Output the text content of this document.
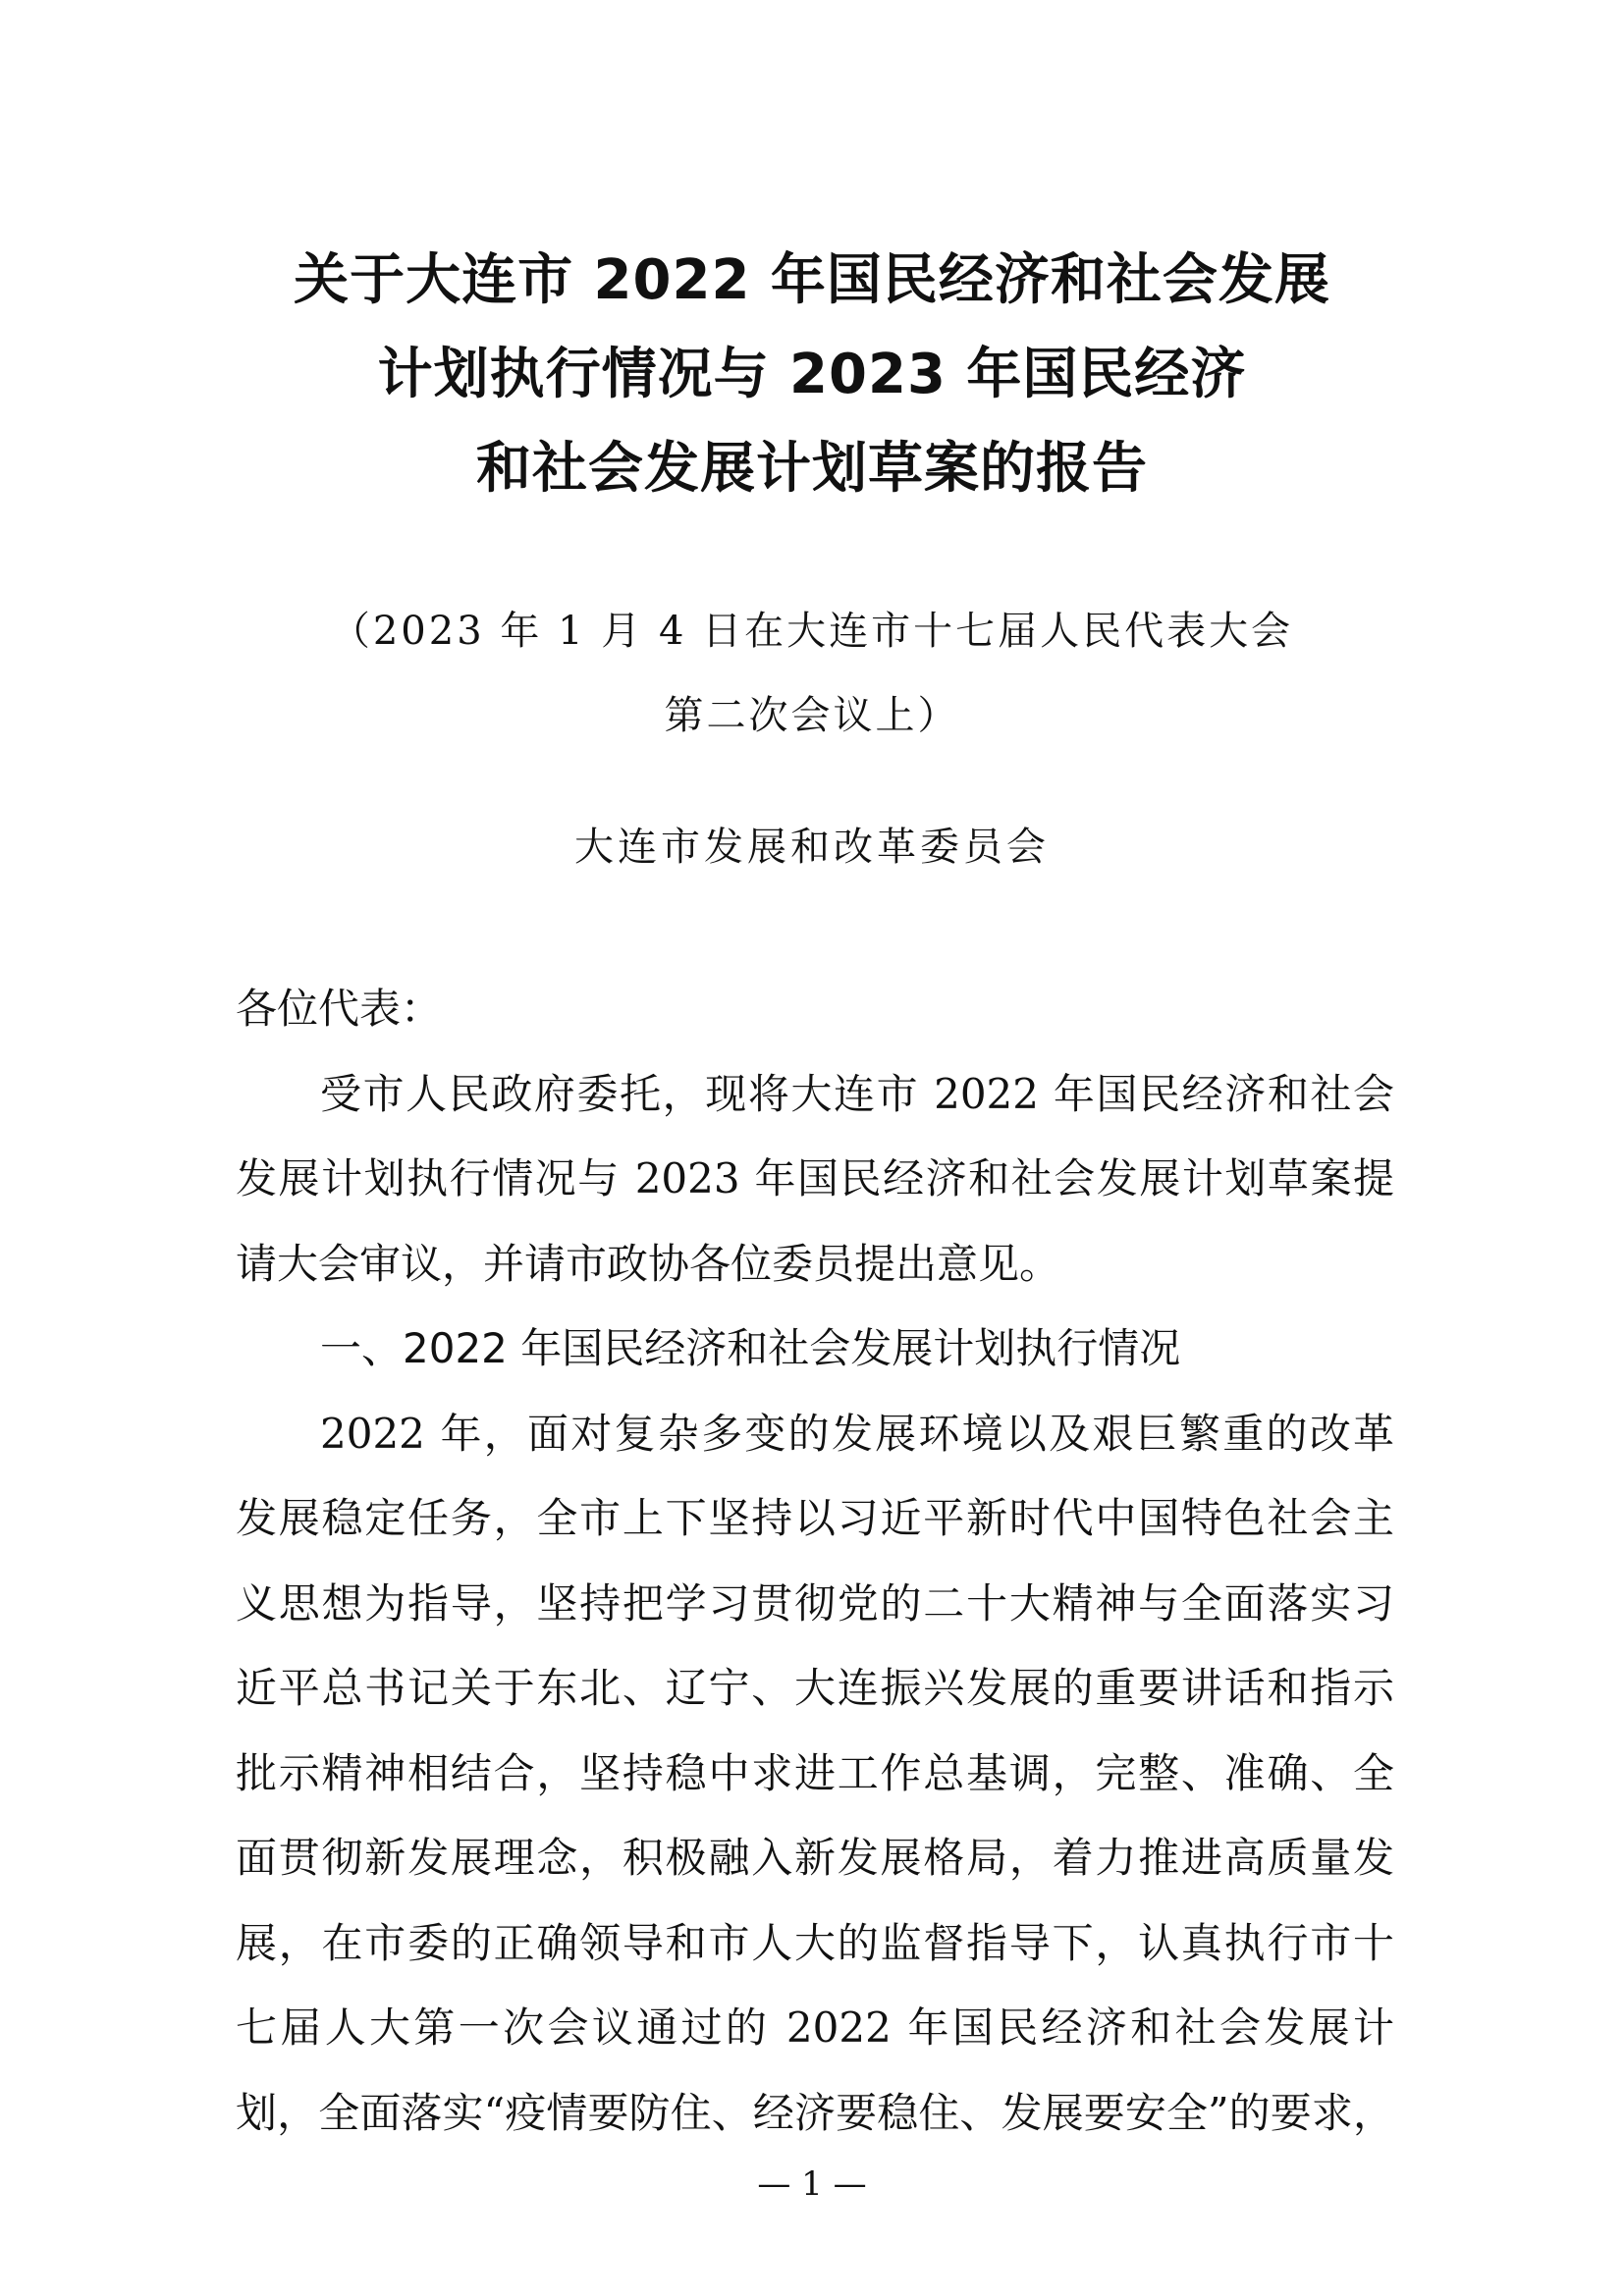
关于大连市 2022 年国民经济和社会发展
计划执行情况与 2023 年国民经济
和社会发展计划草案的报告
（2023 年 1 月 4 日在大连市十七届人民代表大会
第二次会议上）
大连市发展和改革委员会
各位代表：
受市人民政府委托，现将大连市 2022 年国民经济和社会
发展计划执行情况与 2023 年国民经济和社会发展计划草案提
请大会审议，并请市政协各位委员提出意见。
一、2022 年国民经济和社会发展计划执行情况
2022 年，面对复杂多变的发展环境以及艰巨繁重的改革
发展稳定任务，全市上下坚持以习近平新时代中国特色社会主
义思想为指导，坚持把学习贯彻党的二十大精神与全面落实习
近平总书记关于东北、辽宁、大连振兴发展的重要讲话和指示
批示精神相结合，坚持稳中求进工作总基调，完整、准确、全
面贯彻新发展理念，积极融入新发展格局，着力推进高质量发
展，在市委的正确领导和市人大的监督指导下，认真执行市十
七届人大第一次会议通过的 2022 年国民经济和社会发展计
划，全面落实“疫情要防住、经济要稳住、发展要安全”的要求，
— 1 —
